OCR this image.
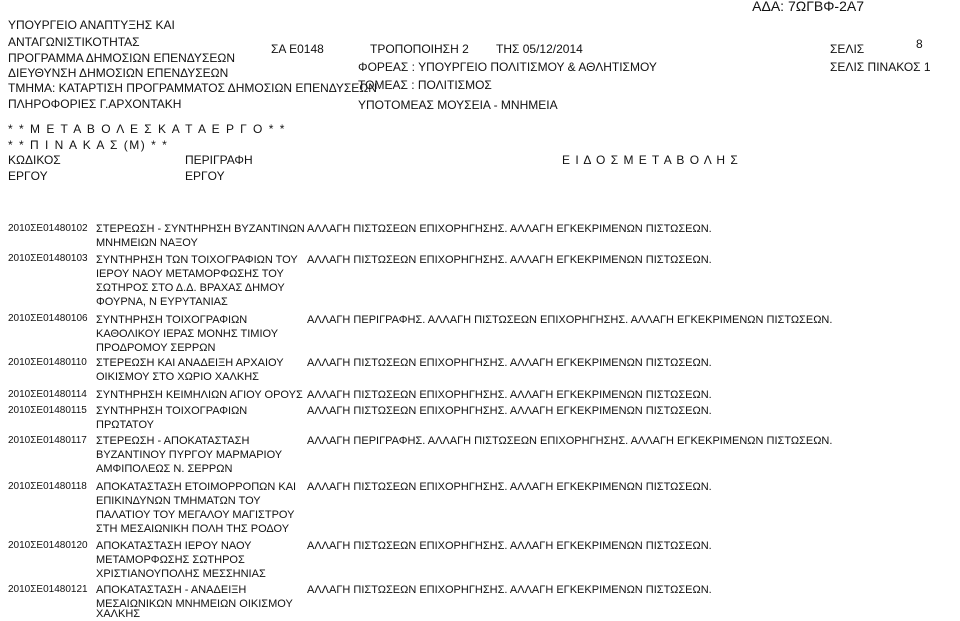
ΑΔΑ: 7ΩΓΒΦ-2Α7
ΥΠΟΥΡΓΕΙΟ ΑΝΑΠΤΥΞΗΣ ΚΑΙ
ΑΝΤΑΓΩΝΙΣΤΙΚΟΤΗΤΑΣ
ΠΡΟΓΡΑΜΜΑ ΔΗΜΟΣΙΩΝ ΕΠΕΝΔΥΣΕΩΝ
ΔΙΕΥΘΥΝΣΗ ΔΗΜΟΣΙΩΝ ΕΠΕΝΔΥΣΕΩΝ
ΤΜΗΜΑ: ΚΑΤΑΡΤΙΣΗ ΠΡΟΓΡΑΜΜΑΤΟΣ ΔΗΜΟΣΙΩΝ ΕΠΕΝΔΥΣΕΩΝ
ΠΛΗΡΟΦΟΡΙΕΣ Γ.ΑΡΧΟΝΤΑΚΗ
ΣΑ Ε0148	ΤΡΟΠΟΠΟΙΗΣΗ 2 ΤΗΣ 05/12/2014
ΦΟΡΕΑΣ : ΥΠΟΥΡΓΕΙΟ ΠΟΛΙΤΙΣΜΟΥ & ΑΘΛΗΤΙΣΜΟΥ
ΤΟΜΕΑΣ : ΠΟΛΙΤΙΣΜΟΣ
ΥΠΟΤΟΜΕΑΣ ΜΟΥΣΕΙΑ - ΜΝΗΜΕΙΑ
ΣΕΛΙΣ	8
ΣΕΛΙΣ ΠΙΝΑΚΟΣ 1
* * Μ Ε Τ Α Β Ο Λ Ε Σ Κ Α Τ Α Ε Ρ Γ Ο * *
* * Π Ι Ν Α Κ Α Σ (Μ) * *
ΚΩΔΙΚΟΣ
ΕΡΓΟΥ
ΠΕΡΙΓΡΑΦΗ
ΕΡΓΟΥ
Ε Ι Δ Ο Σ Μ Ε Τ Α Β Ο Λ Η Σ
2010ΣΕ01480102 ΣΤΕΡΕΩΣΗ - ΣΥΝΤΗΡΗΣΗ ΒΥΖΑΝΤΙΝΩΝ
ΜΝΗΜΕΙΩΝ ΝΑΞΟΥ
ΑΛΛΑΓΗ ΠΙΣΤΩΣΕΩΝ ΕΠΙΧΟΡΗΓΗΣΗΣ. ΑΛΛΑΓΗ ΕΓΚΕΚΡΙΜΕΝΩΝ ΠΙΣΤΩΣΕΩΝ.
2010ΣΕ01480103 ΣΥΝΤΗΡΗΣΗ ΤΩΝ ΤΟΙΧΟΓΡΑΦΙΩΝ ΤΟΥ
ΙΕΡΟΥ ΝΑΟΥ ΜΕΤΑΜΟΡΦΩΣΗΣ ΤΟΥ
ΣΩΤΗΡΟΣ ΣΤΟ Δ.Δ. ΒΡΑΧΑΣ ΔΗΜΟΥ
ΦΟΥΡΝΑ, Ν ΕΥΡΥΤΑΝΙΑΣ
ΑΛΛΑΓΗ ΠΙΣΤΩΣΕΩΝ ΕΠΙΧΟΡΗΓΗΣΗΣ. ΑΛΛΑΓΗ ΕΓΚΕΚΡΙΜΕΝΩΝ ΠΙΣΤΩΣΕΩΝ.
2010ΣΕ01480106 ΣΥΝΤΗΡΗΣΗ ΤΟΙΧΟΓΡΑΦΙΩΝ
ΚΑΘΟΛΙΚΟΥ ΙΕΡΑΣ ΜΟΝΗΣ ΤΙΜΙΟΥ
ΠΡΟΔΡΟΜΟΥ ΣΕΡΡΩΝ
ΑΛΛΑΓΗ ΠΕΡΙΓΡΑΦΗΣ. ΑΛΛΑΓΗ ΠΙΣΤΩΣΕΩΝ ΕΠΙΧΟΡΗΓΗΣΗΣ. ΑΛΛΑΓΗ ΕΓΚΕΚΡΙΜΕΝΩΝ ΠΙΣΤΩΣΕΩΝ.
2010ΣΕ01480110 ΣΤΕΡΕΩΣΗ ΚΑΙ ΑΝΑΔΕΙΞΗ ΑΡΧΑΙΟΥ
ΟΙΚΙΣΜΟΥ ΣΤΟ ΧΩΡΙΟ ΧΑΛΚΗΣ
ΑΛΛΑΓΗ ΠΙΣΤΩΣΕΩΝ ΕΠΙΧΟΡΗΓΗΣΗΣ. ΑΛΛΑΓΗ ΕΓΚΕΚΡΙΜΕΝΩΝ ΠΙΣΤΩΣΕΩΝ.
2010ΣΕ01480114 ΣΥΝΤΗΡΗΣΗ ΚΕΙΜΗΛΙΩΝ ΑΓΙΟΥ ΟΡΟΥΣ ΑΛΛΑΓΗ ΠΙΣΤΩΣΕΩΝ ΕΠΙΧΟΡΗΓΗΣΗΣ. ΑΛΛΑΓΗ ΕΓΚΕΚΡΙΜΕΝΩΝ ΠΙΣΤΩΣΕΩΝ.
2010ΣΕ01480115 ΣΥΝΤΗΡΗΣΗ ΤΟΙΧΟΓΡΑΦΙΩΝ
ΠΡΩΤΑΤΟΥ
ΑΛΛΑΓΗ ΠΙΣΤΩΣΕΩΝ ΕΠΙΧΟΡΗΓΗΣΗΣ. ΑΛΛΑΓΗ ΕΓΚΕΚΡΙΜΕΝΩΝ ΠΙΣΤΩΣΕΩΝ.
2010ΣΕ01480117 ΣΤΕΡΕΩΣΗ - ΑΠΟΚΑΤΑΣΤΑΣΗ
ΒΥΖΑΝΤΙΝΟΥ ΠΥΡΓΟΥ ΜΑΡΜΑΡΙΟΥ
ΑΜΦΙΠΟΛΕΩΣ Ν. ΣΕΡΡΩΝ
ΑΛΛΑΓΗ ΠΕΡΙΓΡΑΦΗΣ. ΑΛΛΑΓΗ ΠΙΣΤΩΣΕΩΝ ΕΠΙΧΟΡΗΓΗΣΗΣ. ΑΛΛΑΓΗ ΕΓΚΕΚΡΙΜΕΝΩΝ ΠΙΣΤΩΣΕΩΝ.
2010ΣΕ01480118 ΑΠΟΚΑΤΑΣΤΑΣΗ ΕΤΟΙΜΟΡΡΟΠΩΝ ΚΑΙ
ΕΠΙΚΙΝΔΥΝΩΝ ΤΜΗΜΑΤΩΝ ΤΟΥ
ΠΑΛΑΤΙΟΥ ΤΟΥ ΜΕΓΑΛΟΥ ΜΑΓΙΣΤΡΟΥ
ΣΤΗ ΜΕΣΑΙΩΝΙΚΗ ΠΟΛΗ ΤΗΣ ΡΟΔΟΥ
ΑΛΛΑΓΗ ΠΙΣΤΩΣΕΩΝ ΕΠΙΧΟΡΗΓΗΣΗΣ. ΑΛΛΑΓΗ ΕΓΚΕΚΡΙΜΕΝΩΝ ΠΙΣΤΩΣΕΩΝ.
2010ΣΕ01480120 ΑΠΟΚΑΤΑΣΤΑΣΗ ΙΕΡΟΥ ΝΑΟΥ
ΜΕΤΑΜΟΡΦΩΣΗΣ ΣΩΤΗΡΟΣ
ΧΡΙΣΤΙΑΝΟΥΠΟΛΗΣ ΜΕΣΣΗΝΙΑΣ
ΑΛΛΑΓΗ ΠΙΣΤΩΣΕΩΝ ΕΠΙΧΟΡΗΓΗΣΗΣ. ΑΛΛΑΓΗ ΕΓΚΕΚΡΙΜΕΝΩΝ ΠΙΣΤΩΣΕΩΝ.
2010ΣΕ01480121 ΑΠΟΚΑΤΑΣΤΑΣΗ - ΑΝΑΔΕΙΞΗ
ΜΕΣΑΙΩΝΙΚΩΝ ΜΝΗΜΕΙΩΝ ΟΙΚΙΣΜΟΥ
ΧΑΛΚΗΣ
ΑΛΛΑΓΗ ΠΙΣΤΩΣΕΩΝ ΕΠΙΧΟΡΗΓΗΣΗΣ. ΑΛΛΑΓΗ ΕΓΚΕΚΡΙΜΕΝΩΝ ΠΙΣΤΩΣΕΩΝ.
